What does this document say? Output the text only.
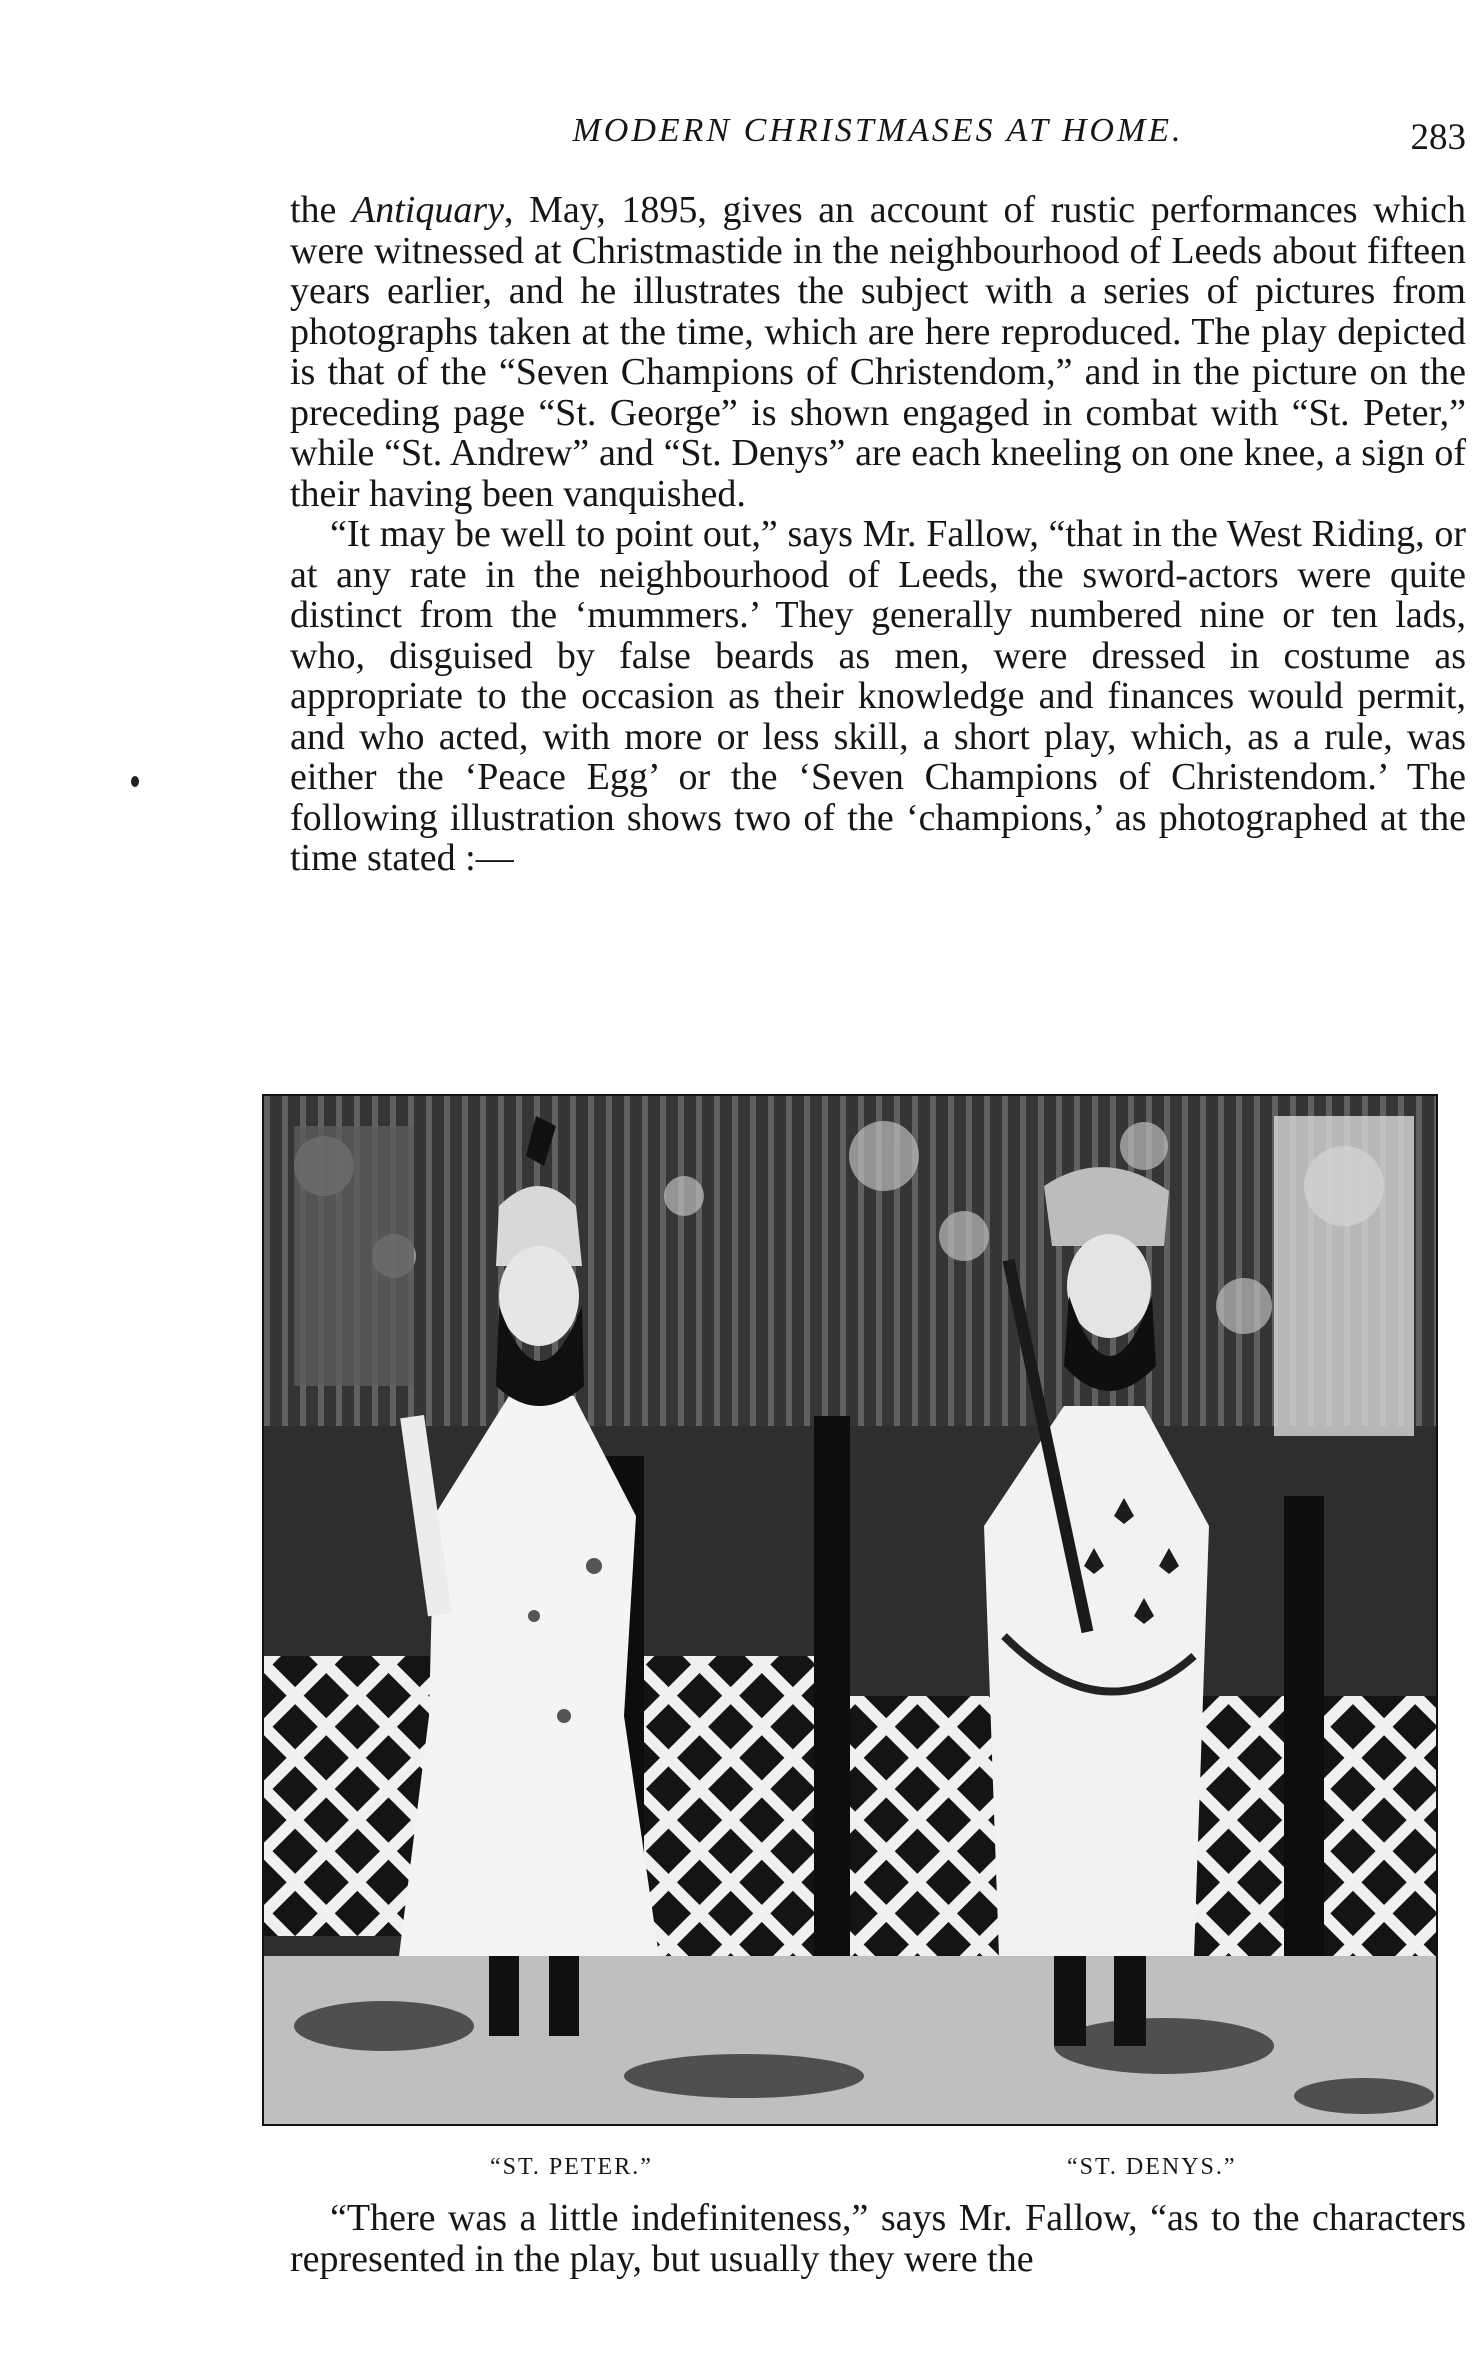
MODERN CHRISTMASES AT HOME.	283

the Antiquary, May, 1895, gives an account of rustic performances which were witnessed at Christmastide in the neighbourhood of Leeds about fifteen years earlier, and he illustrates the subject with a series of pictures from photographs taken at the time, which are here reproduced. The play depicted is that of the “Seven Champions of Christendom,” and in the picture on the preceding page “St. George” is shown engaged in combat with “St. Peter,” while “St. Andrew” and “St. Denys” are each kneeling on one knee, a sign of their having been vanquished.

“It may be well to point out,” says Mr. Fallow, “that in the West Riding, or at any rate in the neighbourhood of Leeds, the sword-actors were quite distinct from the ‘mummers.’ They generally numbered nine or ten lads, who, disguised by false beards as men, were dressed in costume as appropriate to the occasion as their knowledge and finances would permit, and who acted, with more or less skill, a short play, which, as a rule, was either the ‘Peace Egg’ or the ‘Seven Champions of Christendom.’ The following illustration shows two of the ‘champions,’ as photographed at the time stated :—

“ST. PETER.”	“ST. DENYS.”

“There was a little indefiniteness,” says Mr. Fallow, “as to the characters represented in the play, but usually they were the
